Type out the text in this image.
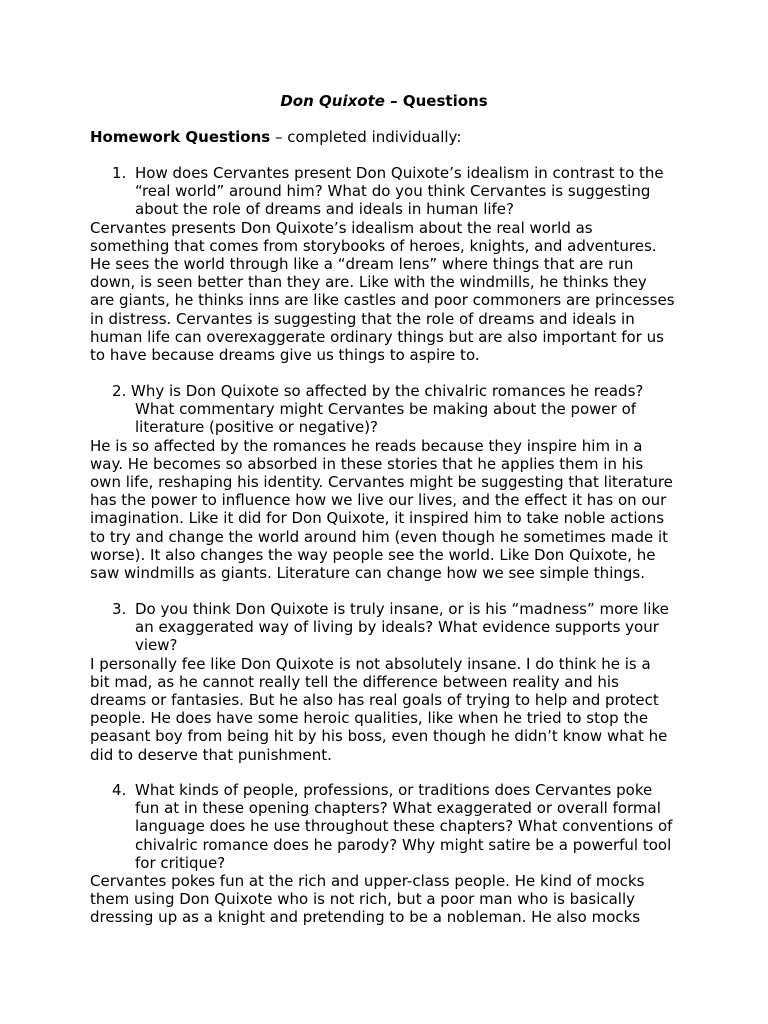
Don Quixote – Questions
Homework Questions – completed individually:
1. How does Cervantes present Don Quixote’s idealism in contrast to the
“real world” around him? What do you think Cervantes is suggesting
about the role of dreams and ideals in human life?
Cervantes presents Don Quixote’s idealism about the real world as
something that comes from storybooks of heroes, knights, and adventures.
He sees the world through like a “dream lens” where things that are run
down, is seen better than they are. Like with the windmills, he thinks they
are giants, he thinks inns are like castles and poor commoners are princesses
in distress. Cervantes is suggesting that the role of dreams and ideals in
human life can overexaggerate ordinary things but are also important for us
to have because dreams give us things to aspire to.
2. Why is Don Quixote so affected by the chivalric romances he reads?
What commentary might Cervantes be making about the power of
literature (positive or negative)?
He is so affected by the romances he reads because they inspire him in a
way. He becomes so absorbed in these stories that he applies them in his
own life, reshaping his identity. Cervantes might be suggesting that literature
has the power to influence how we live our lives, and the effect it has on our
imagination. Like it did for Don Quixote, it inspired him to take noble actions
to try and change the world around him (even though he sometimes made it
worse). It also changes the way people see the world. Like Don Quixote, he
saw windmills as giants. Literature can change how we see simple things.
3. Do you think Don Quixote is truly insane, or is his “madness” more like
an exaggerated way of living by ideals? What evidence supports your
view?
I personally fee like Don Quixote is not absolutely insane. I do think he is a
bit mad, as he cannot really tell the difference between reality and his
dreams or fantasies. But he also has real goals of trying to help and protect
people. He does have some heroic qualities, like when he tried to stop the
peasant boy from being hit by his boss, even though he didn’t know what he
did to deserve that punishment.
4. What kinds of people, professions, or traditions does Cervantes poke
fun at in these opening chapters? What exaggerated or overall formal
language does he use throughout these chapters? What conventions of
chivalric romance does he parody? Why might satire be a powerful tool
for critique?
Cervantes pokes fun at the rich and upper-class people. He kind of mocks
them using Don Quixote who is not rich, but a poor man who is basically
dressing up as a knight and pretending to be a nobleman. He also mocks
